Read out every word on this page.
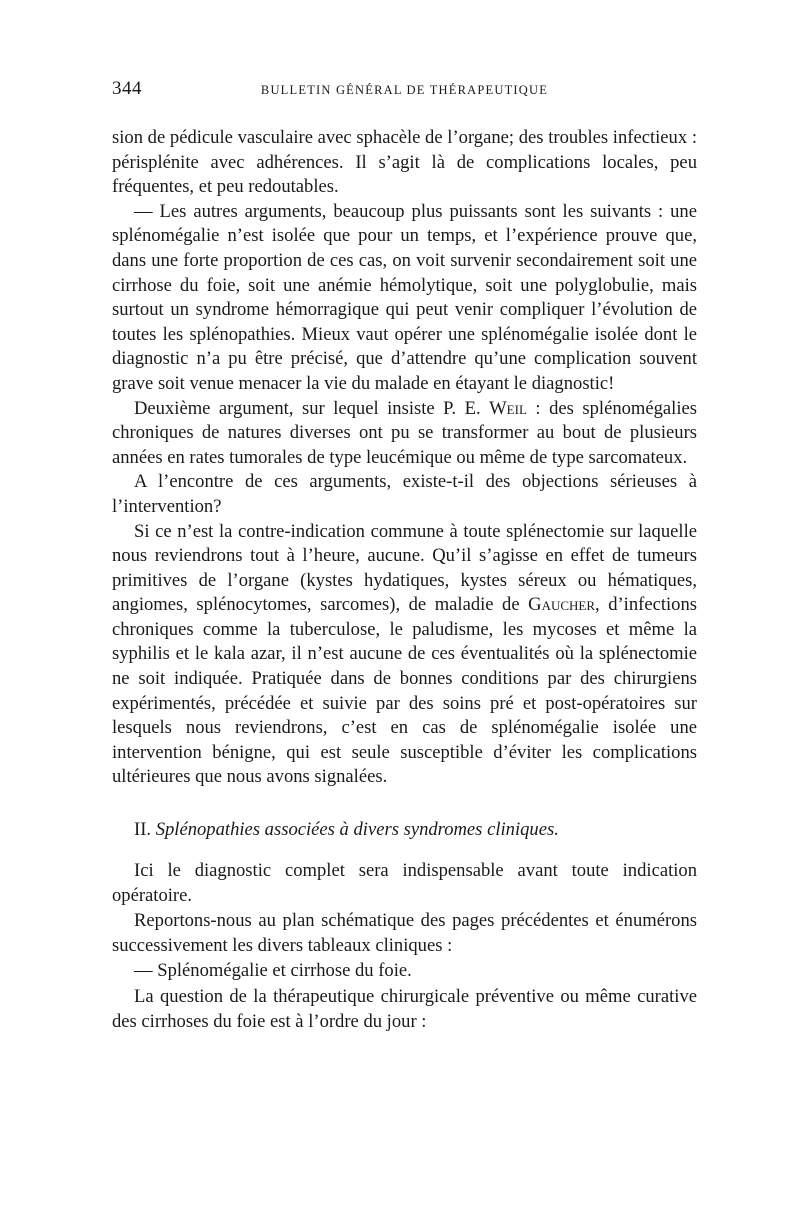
344	BULLETIN GÉNÉRAL DE THÉRAPEUTIQUE

sion de pédicule vasculaire avec sphacèle de l’organe; des troubles infectieux : périsplénite avec adhérences. Il s’agit là de complications locales, peu fréquentes, et peu redoutables.

— Les autres arguments, beaucoup plus puissants sont les suivants : une splénomégalie n’est isolée que pour un temps, et l’expérience prouve que, dans une forte proportion de ces cas, on voit survenir secondairement soit une cirrhose du foie, soit une anémie hémolytique, soit une polyglobulie, mais surtout un syndrome hémorragique qui peut venir compliquer l’évolution de toutes les splénopathies. Mieux vaut opérer une splénomégalie isolée dont le diagnostic n’a pu être précisé, que d’attendre qu’une complication souvent grave soit venue menacer la vie du malade en étayant le diagnostic!

Deuxième argument, sur lequel insiste P. E. Weil : des splénomégalies chroniques de natures diverses ont pu se transformer au bout de plusieurs années en rates tumorales de type leucémique ou même de type sarcomateux.

A l’encontre de ces arguments, existe-t-il des objections sérieuses à l’intervention?

Si ce n’est la contre-indication commune à toute splénectomie sur laquelle nous reviendrons tout à l’heure, aucune. Qu’il s’agisse en effet de tumeurs primitives de l’organe (kystes hydatiques, kystes séreux ou hématiques, angiomes, splénocytomes, sarcomes), de maladie de Gaucher, d’infections chroniques comme la tuberculose, le paludisme, les mycoses et même la syphilis et le kala azar, il n’est aucune de ces éventualités où la splénectomie ne soit indiquée. Pratiquée dans de bonnes conditions par des chirurgiens expérimentés, précédée et suivie par des soins pré et post-opératoires sur lesquels nous reviendrons, c’est en cas de splénomégalie isolée une intervention bénigne, qui est seule susceptible d’éviter les complications ultérieures que nous avons signalées.

II. Splénopathies associées à divers syndromes cliniques.

Ici le diagnostic complet sera indispensable avant toute indication opératoire.

Reportons-nous au plan schématique des pages précédentes et énumérons successivement les divers tableaux cliniques :

— Splénomégalie et cirrhose du foie.

La question de la thérapeutique chirurgicale préventive ou même curative des cirrhoses du foie est à l’ordre du jour :
